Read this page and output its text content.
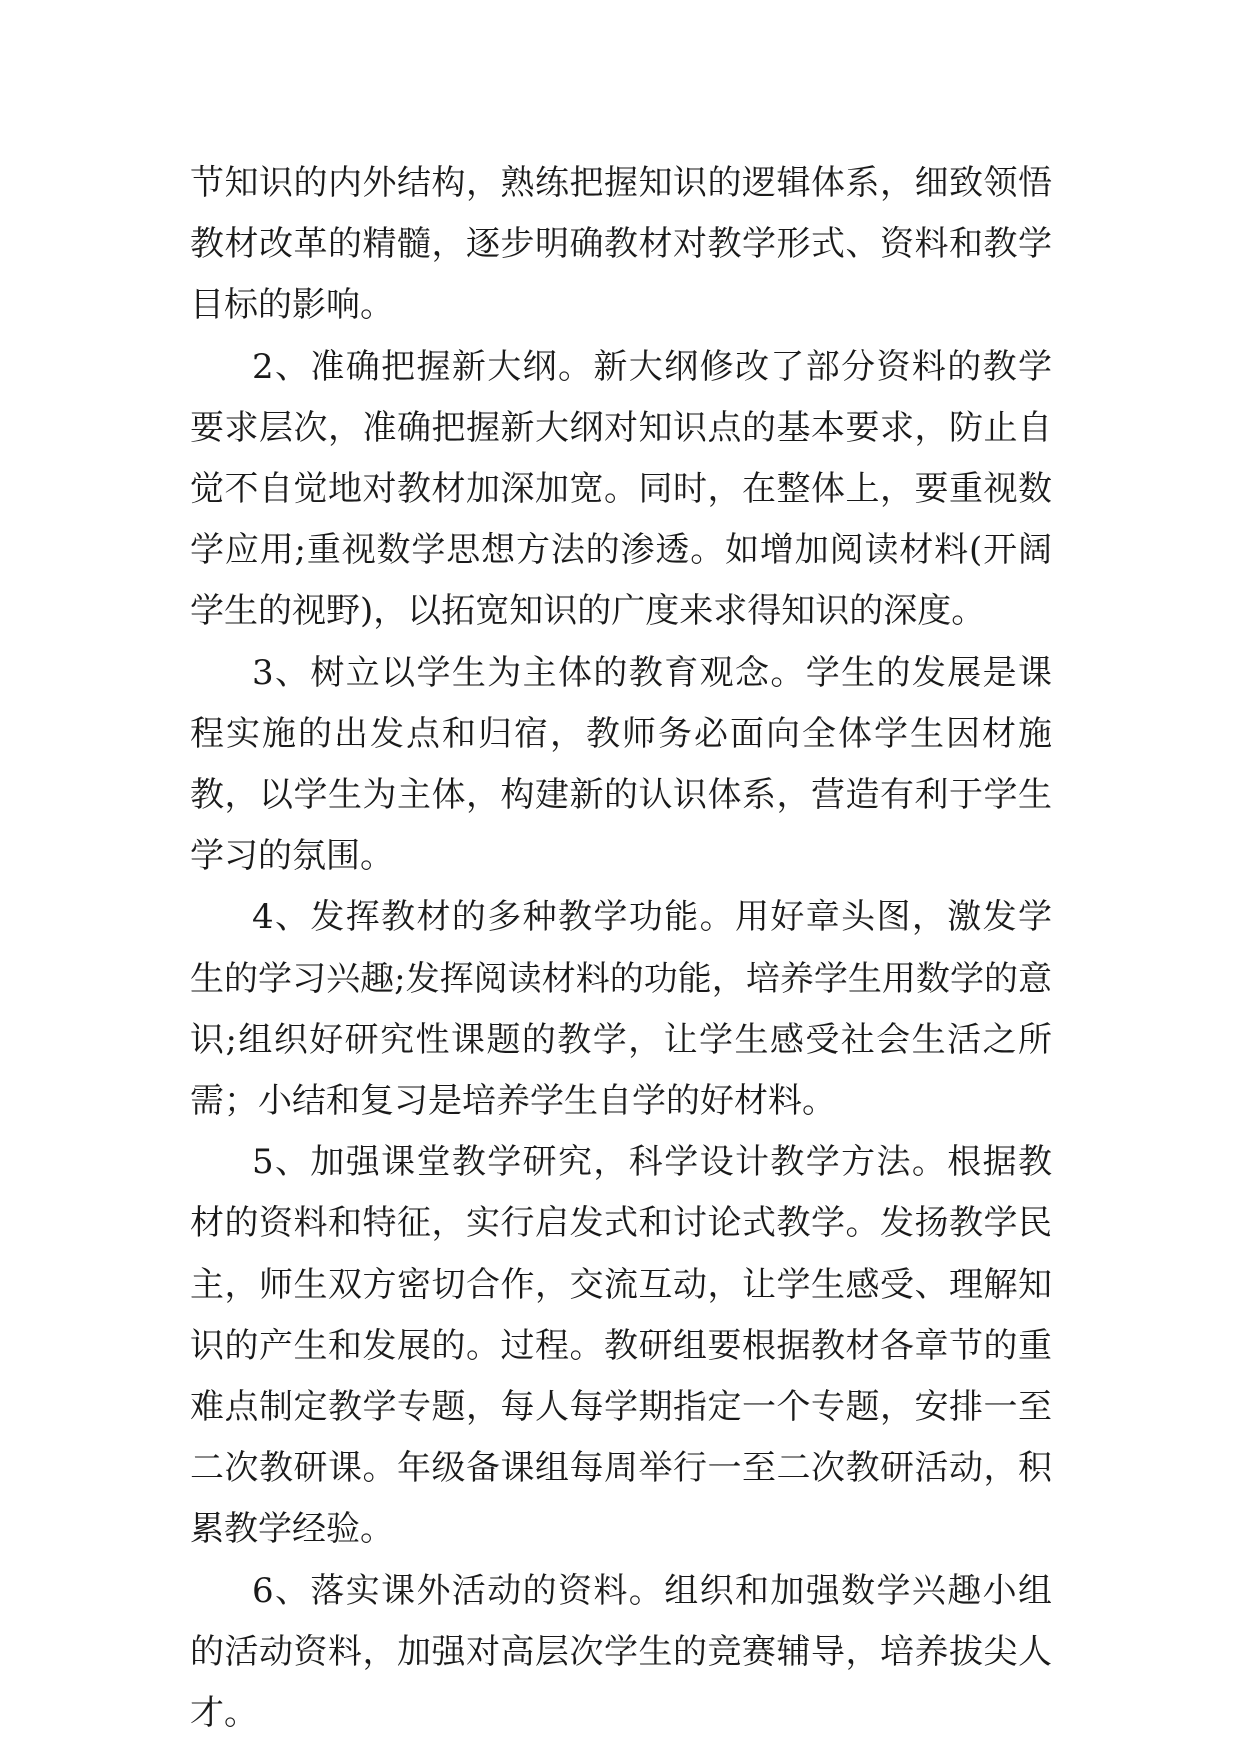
节知识的内外结构，熟练把握知识的逻辑体系，细致领悟教材改革的精髓，逐步明确教材对教学形式、资料和教学目标的影响。

2、准确把握新大纲。新大纲修改了部分资料的教学要求层次，准确把握新大纲对知识点的基本要求，防止自觉不自觉地对教材加深加宽。同时，在整体上，要重视数学应用;重视数学思想方法的渗透。如增加阅读材料(开阔学生的视野)，以拓宽知识的广度来求得知识的深度。

3、树立以学生为主体的教育观念。学生的发展是课程实施的出发点和归宿，教师务必面向全体学生因材施教，以学生为主体，构建新的认识体系，营造有利于学生学习的氛围。

4、发挥教材的多种教学功能。用好章头图，激发学生的学习兴趣;发挥阅读材料的功能，培养学生用数学的意识;组织好研究性课题的教学，让学生感受社会生活之所需；小结和复习是培养学生自学的好材料。

5、加强课堂教学研究，科学设计教学方法。根据教材的资料和特征，实行启发式和讨论式教学。发扬教学民主，师生双方密切合作，交流互动，让学生感受、理解知识的产生和发展的。过程。教研组要根据教材各章节的重难点制定教学专题，每人每学期指定一个专题，安排一至二次教研课。年级备课组每周举行一至二次教研活动，积累教学经验。

6、落实课外活动的资料。组织和加强数学兴趣小组的活动资料，加强对高层次学生的竞赛辅导，培养拔尖人才。
